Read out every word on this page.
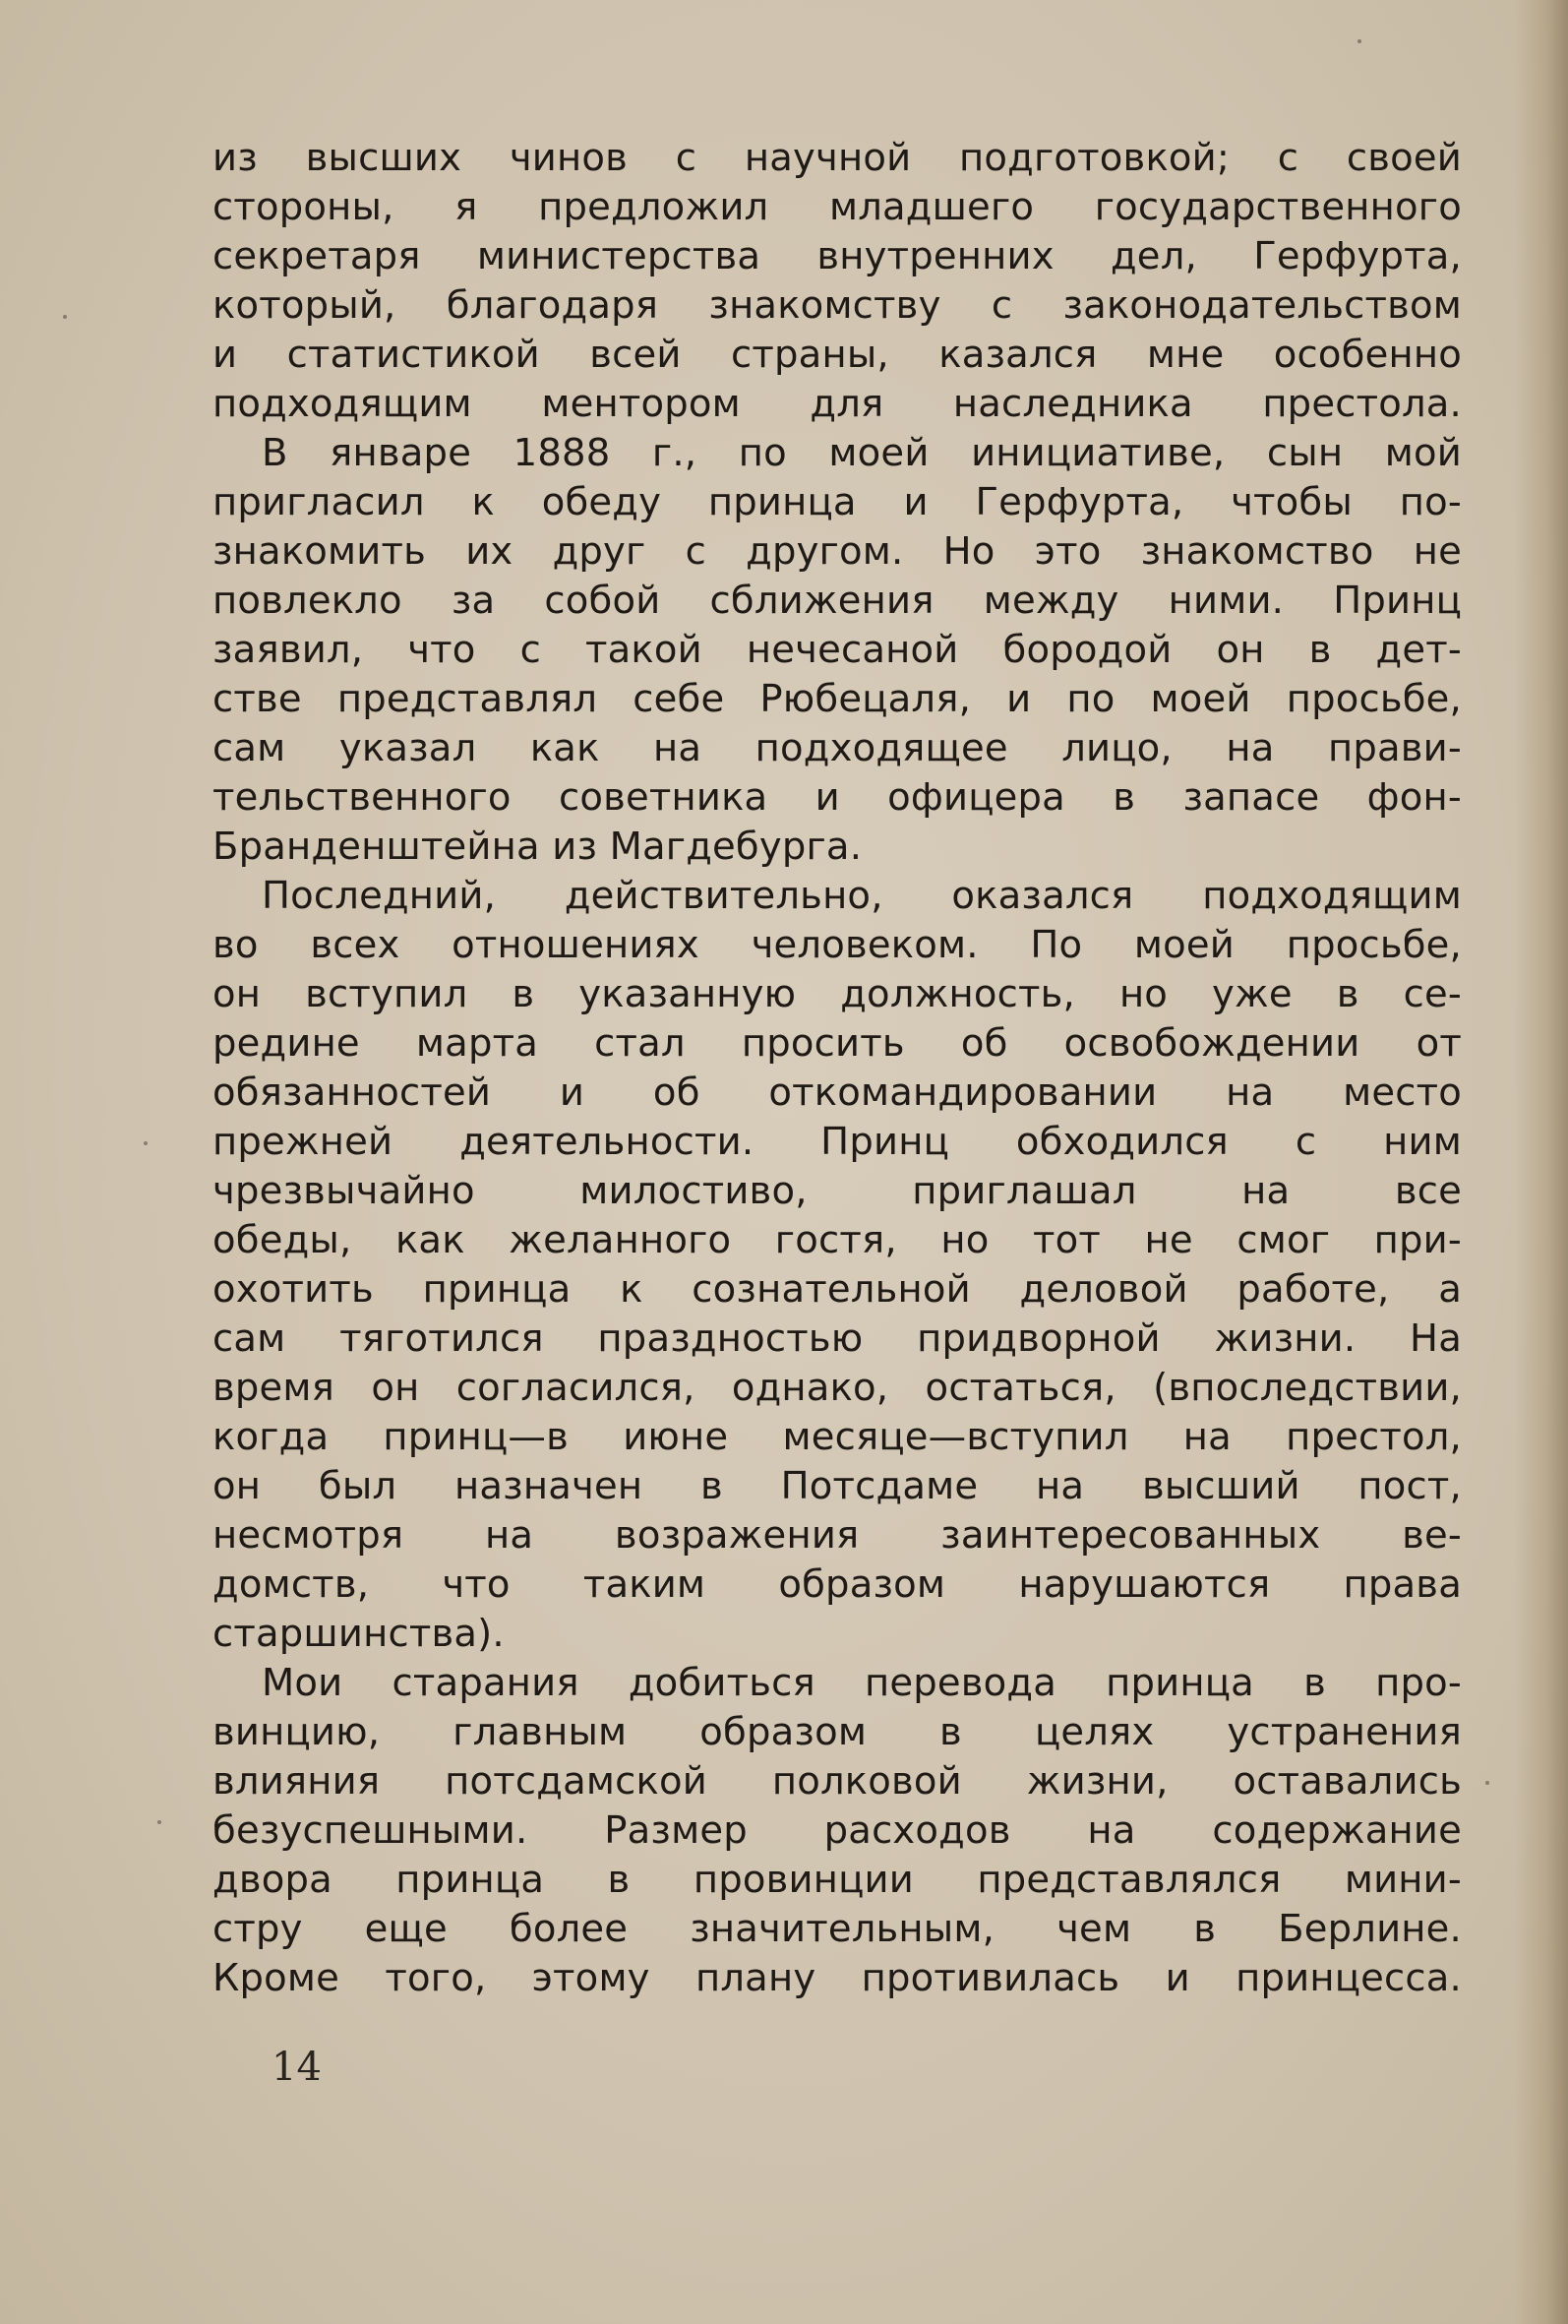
из высших чинов с научной подготовкой; с своей
стороны, я предложил младшего государственного
секретаря министерства внутренних дел, Герфурта,
который, благодаря знакомству с законодательством
и статистикой всей страны, казался мне особенно
подходящим ментором для наследника престола.

В январе 1888 г., по моей инициативе, сын мой
пригласил к обеду принца и Герфурта, чтобы по-
знакомить их друг с другом. Но это знакомство не
повлекло за собой сближения между ними. Принц
заявил, что с такой нечесаной бородой он в дет-
стве представлял себе Рюбецаля, и по моей просьбе,
сам указал как на подходящее лицо, на прави-
тельственного советника и офицера в запасе фон-
Бранденштейна из Магдебурга.

Последний, действительно, оказался подходящим
во всех отношениях человеком. По моей просьбе,
он вступил в указанную должность, но уже в се-
редине марта стал просить об освобождении от
обязанностей и об откомандировании на место
прежней деятельности. Принц обходился с ним
чрезвычайно милостиво, приглашал на все
обеды, как желанного гостя, но тот не смог при-
охотить принца к сознательной деловой работе, а
сам тяготился праздностью придворной жизни. На
время он согласился, однако, остаться, (впоследствии,
когда принц—в июне месяце—вступил на престол,
он был назначен в Потсдаме на высший пост,
несмотря на возражения заинтересованных ве-
домств, что таким образом нарушаются права
старшинства).

Мои старания добиться перевода принца в про-
винцию, главным образом в целях устранения
влияния потсдамской полковой жизни, оставались
безуспешными. Размер расходов на содержание
двора принца в провинции представлялся мини-
стру еще более значительным, чем в Берлине.
Кроме того, этому плану противилась и принцесса.

14
